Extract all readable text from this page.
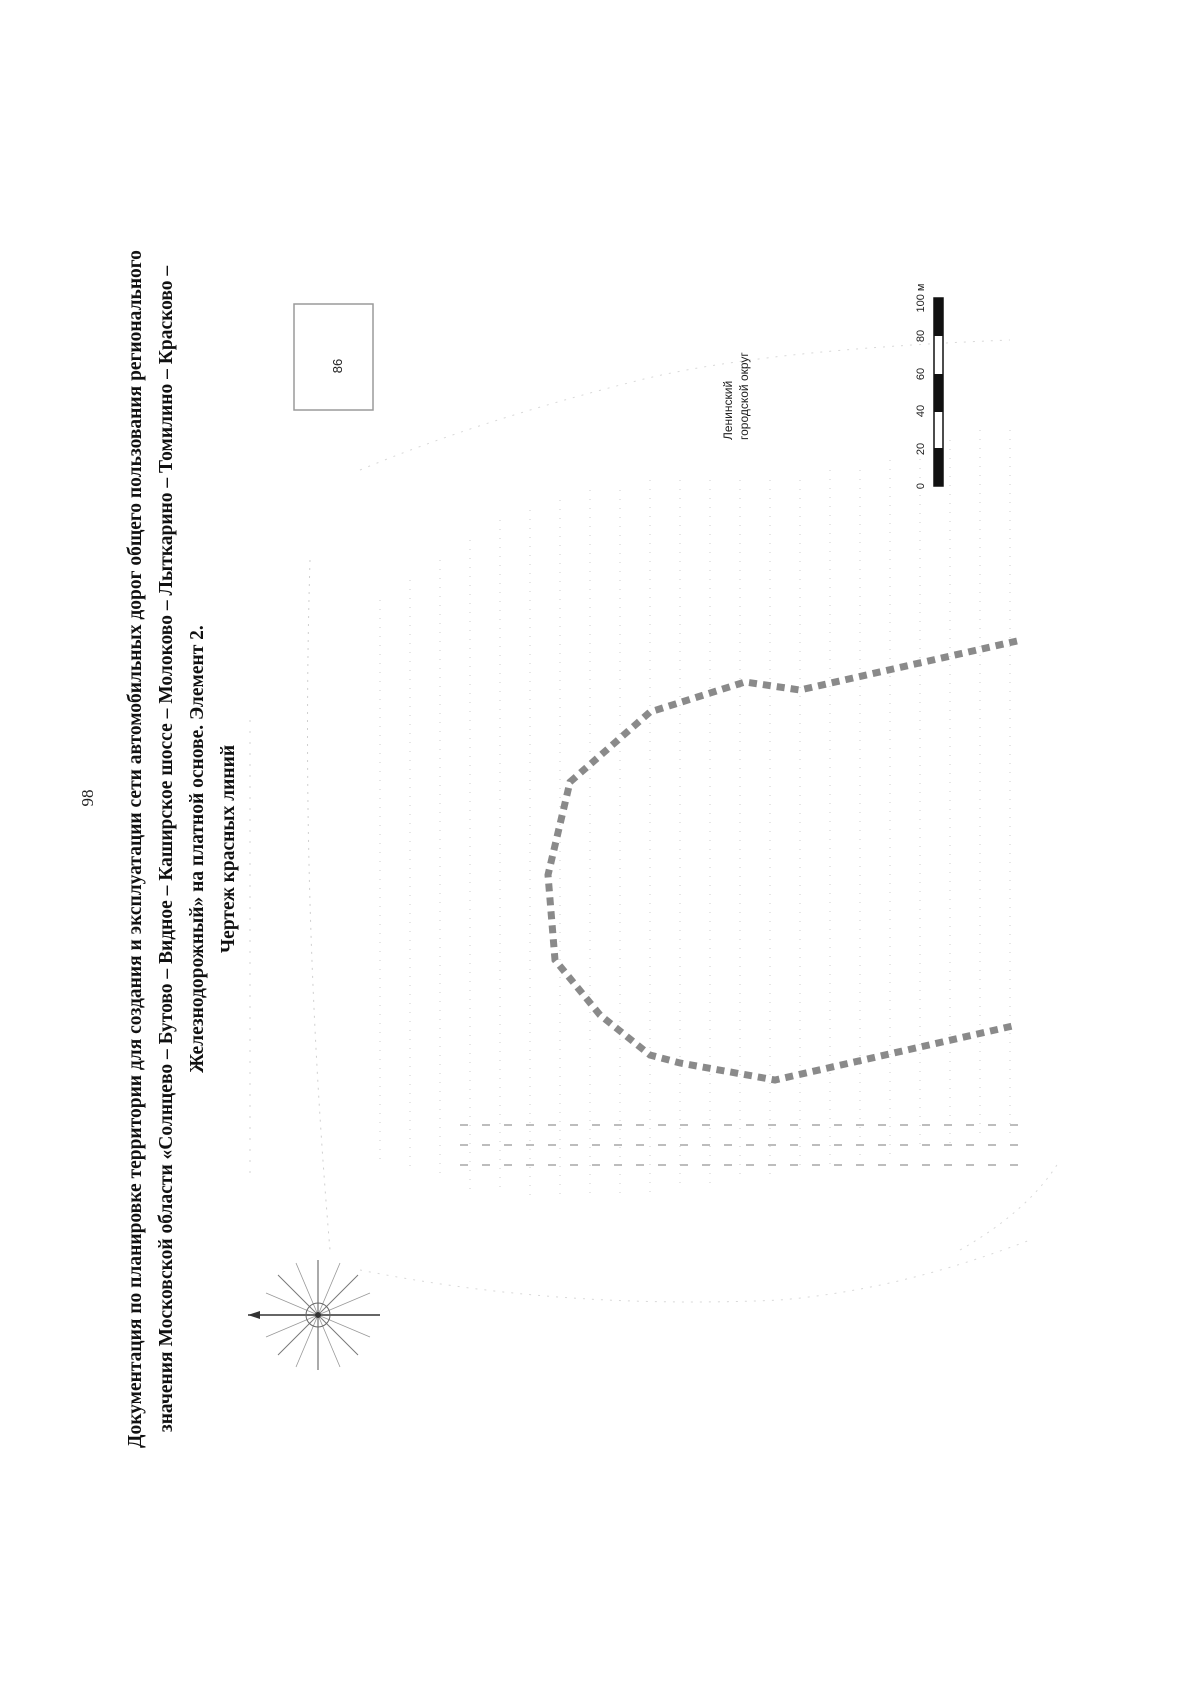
98 Документация по планировке территории для создания и эксплуатации сети автомобильных дорог общего пользования регионального значения Московской области «Солнцево – Бутово – Видное – Каширское шоссе – Молоково – Лыткарино – Томилино – Красково – Железнодорожный» на платной основе. Элемент 2. Чертеж красных линий
86
Ленинский городской округ
0
20
40
60
80
100 м
